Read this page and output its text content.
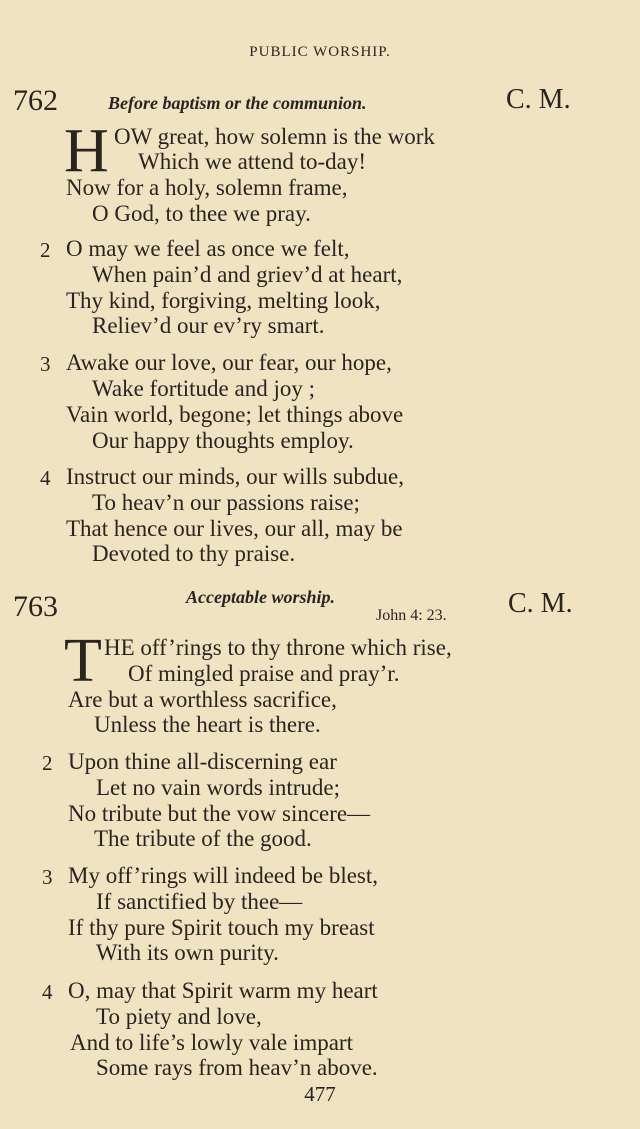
PUBLIC WORSHIP.
762	Before baptism or the communion.	C. M.
H OW great, how solemn is the work
Which we attend to-day!
Now for a holy, solemn frame,
O God, to thee we pray.
2 O may we feel as once we felt,
When pain’d and griev’d at heart,
Thy kind, forgiving, melting look,
Reliev’d our ev’ry smart.
3 Awake our love, our fear, our hope,
Wake fortitude and joy ;
Vain world, begone; let things above
Our happy thoughts employ.
4 Instruct our minds, our wills subdue,
To heav’n our passions raise;
That hence our lives, our all, may be
Devoted to thy praise.
763	Acceptable worship.
John 4: 23. C. M.
T HE off’rings to thy throne which rise,
Of mingled praise and pray’r.
Are but a worthless sacrifice,
Unless the heart is there.
2 Upon thine all-discerning ear
Let no vain words intrude;
No tribute but the vow sincere—
The tribute of the good.
3 My off’rings will indeed be blest,
If sanctified by thee—
If thy pure Spirit touch my breast
With its own purity.
4 O, may that Spirit warm my heart
To piety and love,
And to life’s lowly vale impart
Some rays from heav’n above.
477
